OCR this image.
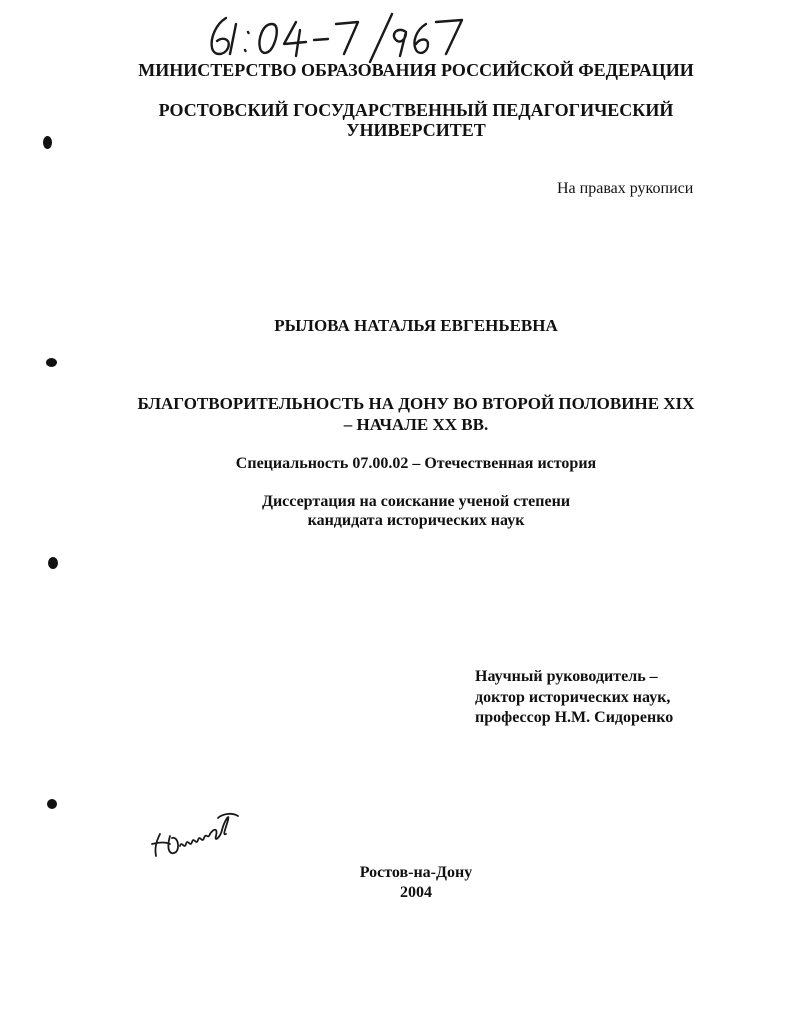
МИНИСТЕРСТВО ОБРАЗОВАНИЯ РОССИЙСКОЙ ФЕДЕРАЦИИ
РОСТОВСКИЙ ГОСУДАРСТВЕННЫЙ ПЕДАГОГИЧЕСКИЙ
УНИВЕРСИТЕТ
На правах рукописи
РЫЛОВА НАТАЛЬЯ ЕВГЕНЬЕВНА
БЛАГОТВОРИТЕЛЬНОСТЬ НА ДОНУ ВО ВТОРОЙ ПОЛОВИНЕ XIX
– НАЧАЛЕ XX ВВ.
Специальность 07.00.02 – Отечественная история
Диссертация на соискание ученой степени
кандидата исторических наук
Научный руководитель –
доктор исторических наук,
профессор Н.М. Сидоренко
Ростов-на-Дону
2004
